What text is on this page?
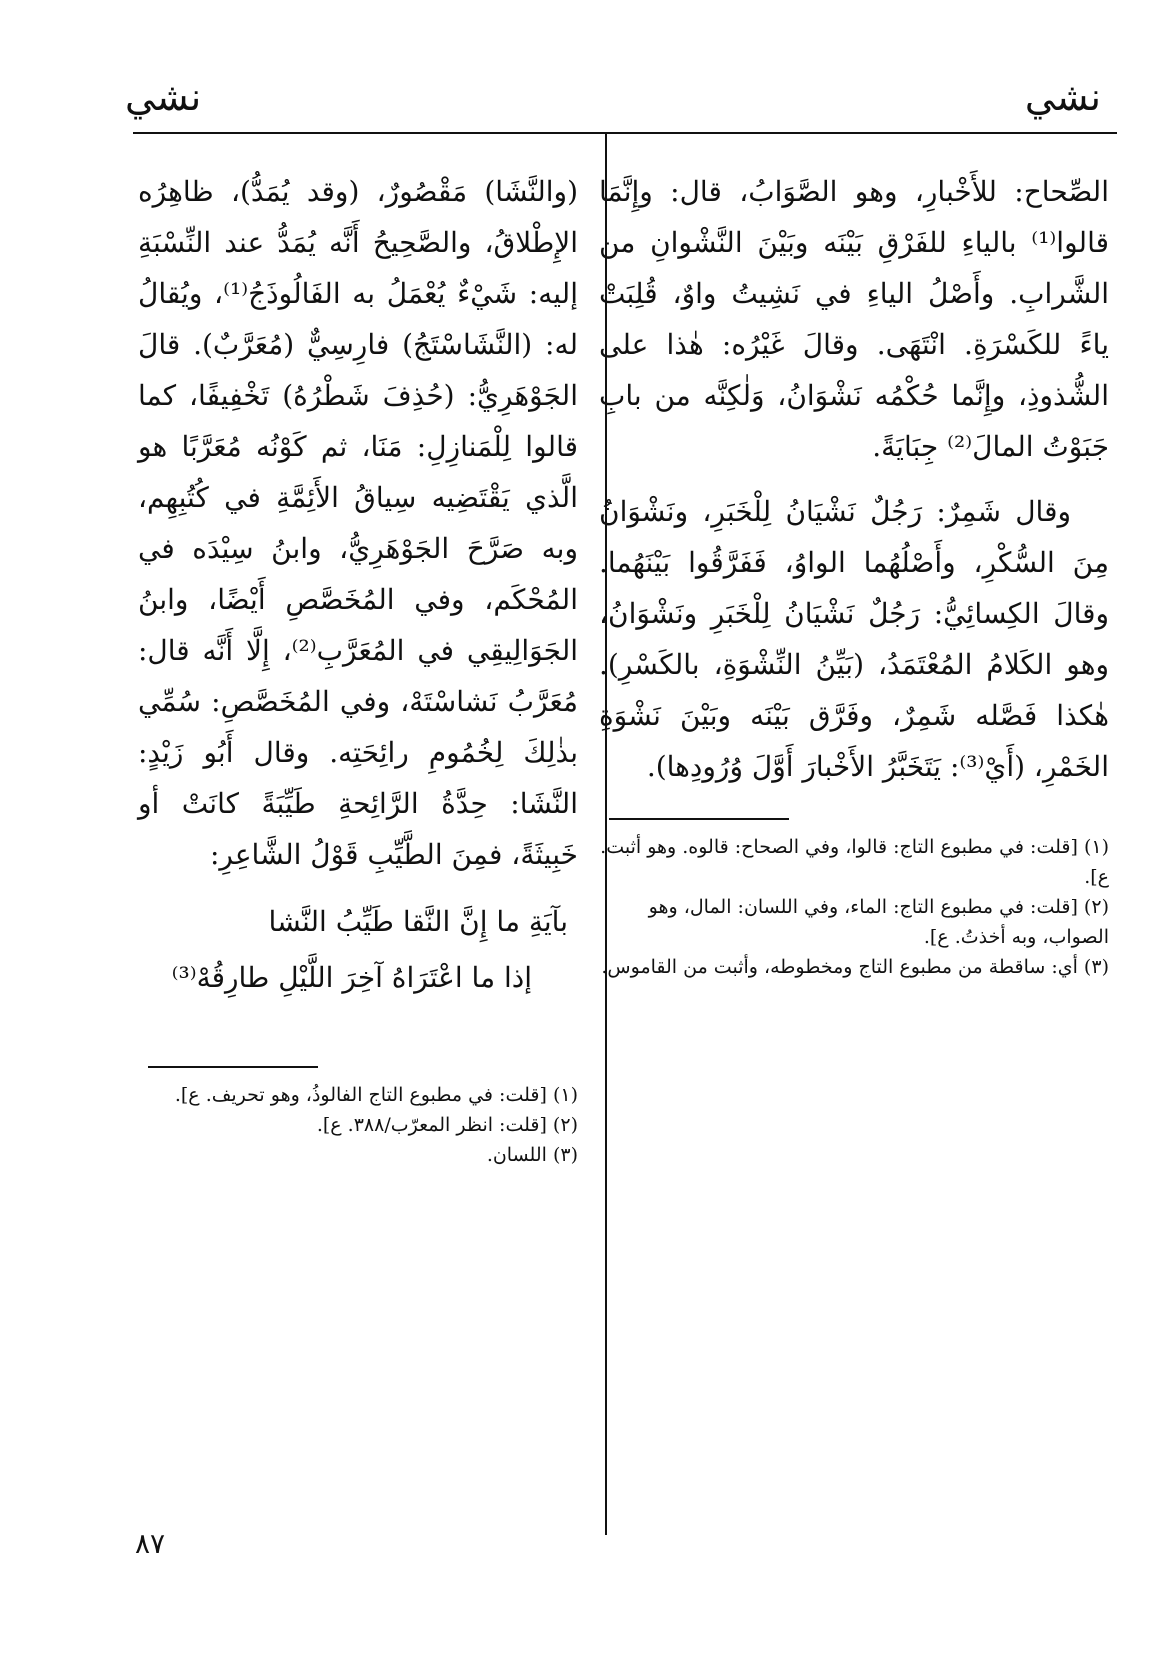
نشي
نشي

الصِّحاح: للأَخْبارِ، وهو الصَّوَابُ، قال: وإِنَّمَا قالوا⁽¹⁾ بالياءِ للفَرْقِ بَيْنَه وبَيْنَ النَّشْوانِ من الشَّرابِ. وأَصْلُ الياءِ في نَشِيتُ واوٌ، قُلِبَتْ ياءً للكَسْرَةِ. انْتَهَى. وقالَ غَيْرُه: هٰذا على الشُّذوذِ، وإِنَّما حُكْمُه نَشْوَانُ، وَلٰكِنَّه من بابِ جَبَوْتُ المالَ⁽²⁾ جِبَايَةً.

وقال شَمِرٌ: رَجُلٌ نَشْيَانُ لِلْخَبَرِ، ونَشْوَانُ مِنَ السُّكْرِ، وأَصْلُهُما الواوُ، فَفَرَّقُوا بَيْنَهُما. وقالَ الكِسائِيُّ: رَجُلٌ نَشْيَانُ لِلْخَبَرِ ونَشْوَانُ، وهو الكَلامُ المُعْتَمَدُ، (بَيِّنُ النِّشْوَةِ، بالكَسْرِ). هٰكذا فَصَّله شَمِرٌ، وفَرَّق بَيْنَه وبَيْنَ نَشْوَةِ الخَمْرِ، (أَيْ⁽³⁾: يَتَخَبَّرُ الأَخْبارَ أَوَّلَ وُرُودِها).

(١) [قلت: في مطبوع التاج: قالوا، وفي الصحاح: قالوه. وهو أثبت. ع].

(٢) [قلت: في مطبوع التاج: الماء، وفي اللسان: المال، وهو الصواب، وبه أخذتُ. ع].

(٣) أي: ساقطة من مطبوع التاج ومخطوطه، وأثبت من القاموس.

(والنَّشَا) مَقْصُورٌ، (وقد يُمَدُّ)، ظاهِرُه الإِطْلاقُ، والصَّحِيحُ أَنَّه يُمَدُّ عند النِّسْبَةِ إليه: شَيْءٌ يُعْمَلُ به الفَالُوذَجُ⁽¹⁾، ويُقالُ له: (النَّشَاسْتَجُ) فارِسِيٌّ (مُعَرَّبٌ). قالَ الجَوْهَرِيُّ: (حُذِفَ شَطْرُهُ) تَخْفِيفًا، كما قالوا لِلْمَنازِلِ: مَنَا، ثم كَوْنُه مُعَرَّبًا هو الَّذي يَقْتَضِيه سِياقُ الأَئِمَّةِ في كُتُبِهِم، وبه صَرَّحَ الجَوْهَرِيُّ، وابنُ سِيْدَه في المُحْكَم، وفي المُخَصَّصِ أَيْضًا، وابنُ الجَوَالِيقِي في المُعَرَّبِ⁽²⁾، إِلَّا أَنَّه قال: مُعَرَّبُ نَشاسْتَهْ، وفي المُخَصَّصِ: سُمِّي بذٰلِكَ لِخُمُومِ رائِحَتِه. وقال أَبُو زَيْدٍ: النَّشَا: حِدَّةُ الرَّائِحةِ طَيِّبَةً كانَتْ أو خَبِيثَةً، فمِنَ الطَّيِّبِ قَوْلُ الشَّاعِرِ:

بآيَةِ ما إِنَّ النَّقا طَيِّبُ النَّشا

إذا ما اعْتَرَاهُ آخِرَ اللَّيْلِ طارِقُهْ⁽³⁾

(١) [قلت: في مطبوع التاج الفالوذُ، وهو تحريف. ع].

(٢) [قلت: انظر المعرّب/٣٨٨. ع].

(٣) اللسان.

٨٧
